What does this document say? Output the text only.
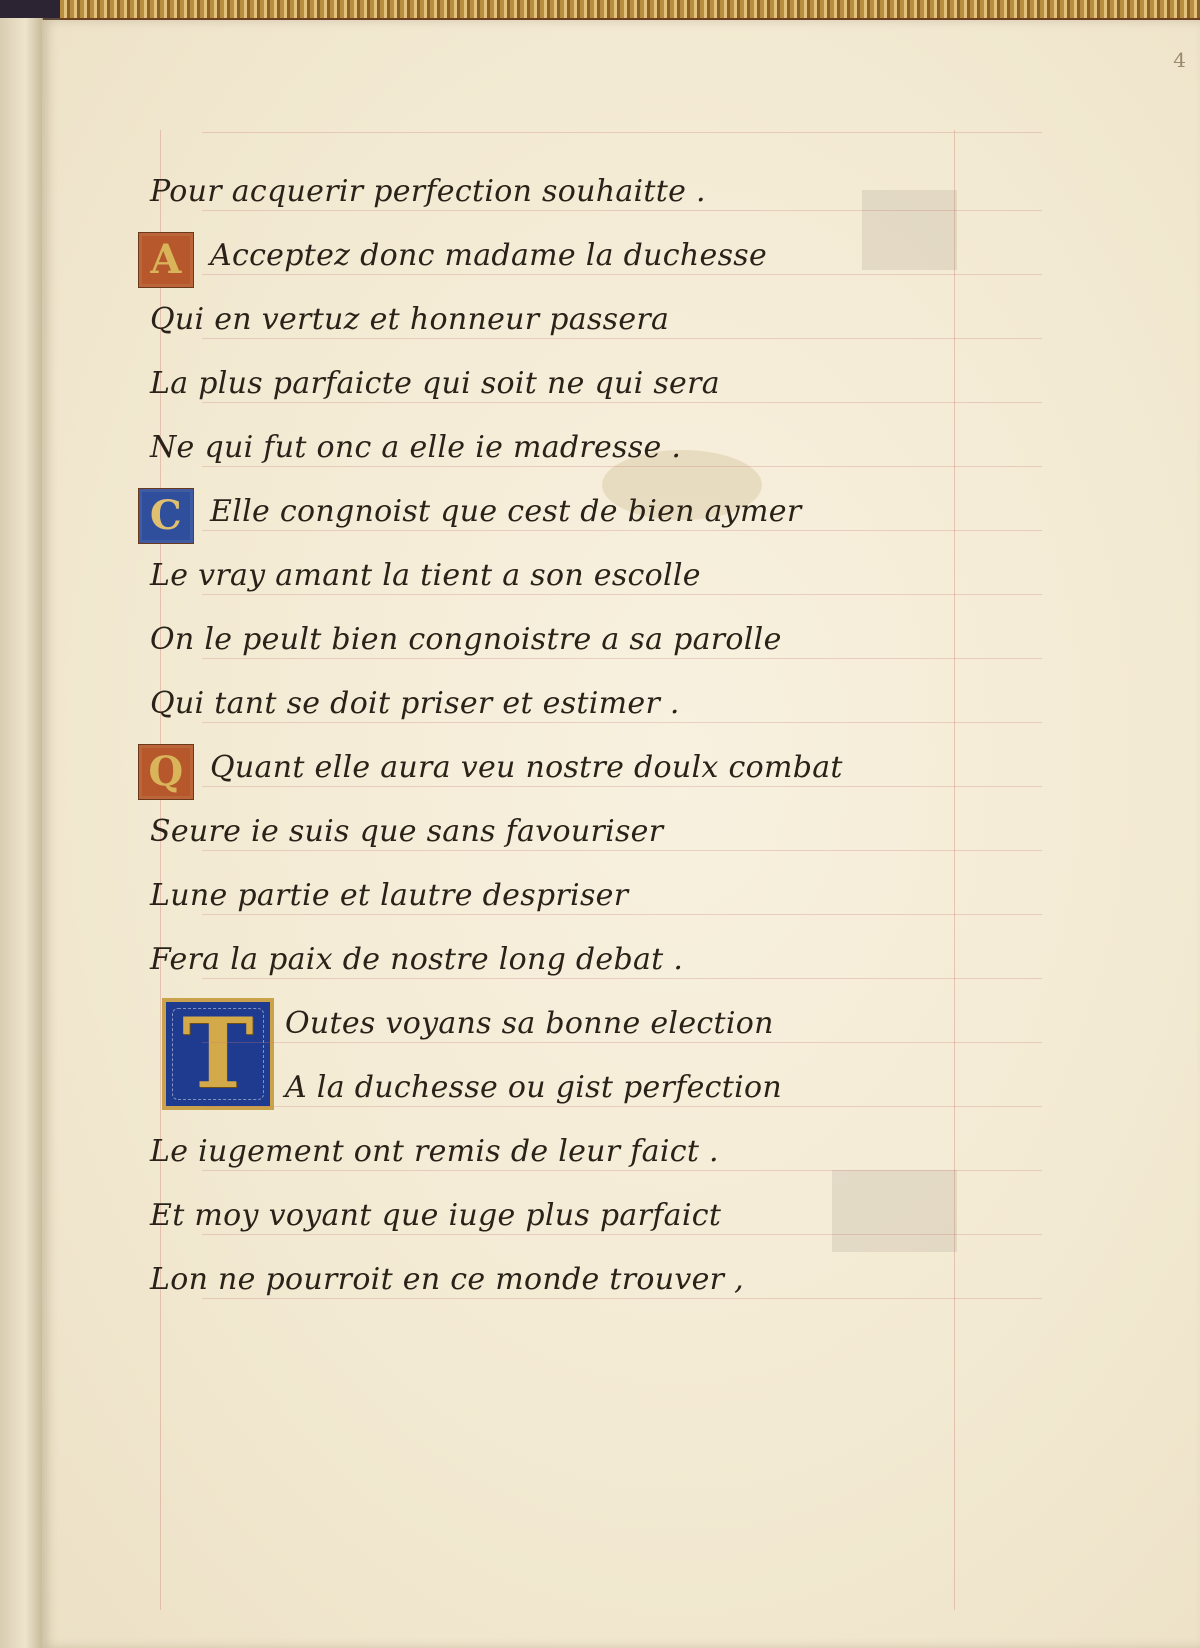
4
Pour acquerir perfection souhaitte .
A Acceptez donc madame la duchesse
Qui en vertuz et honneur passera
La plus parfaicte qui soit ne qui sera
Ne qui fut onc a elle ie madresse .
C Elle congnoist que cest de bien aymer
Le vray amant la tient a son escolle
On le peult bien congnoistre a sa parolle
Qui tant se doit priser et estimer .
Q Quant elle aura veu nostre doulx combat
Seure ie suis que sans favouriser
Lune partie et lautre despriser
Fera la paix de nostre long debat .
T	Outes voyans sa bonne election
A la duchesse ou gist perfection
Le iugement ont remis de leur faict .
Et moy voyant que iuge plus parfaict
Lon ne pourroit en ce monde trouver ,
